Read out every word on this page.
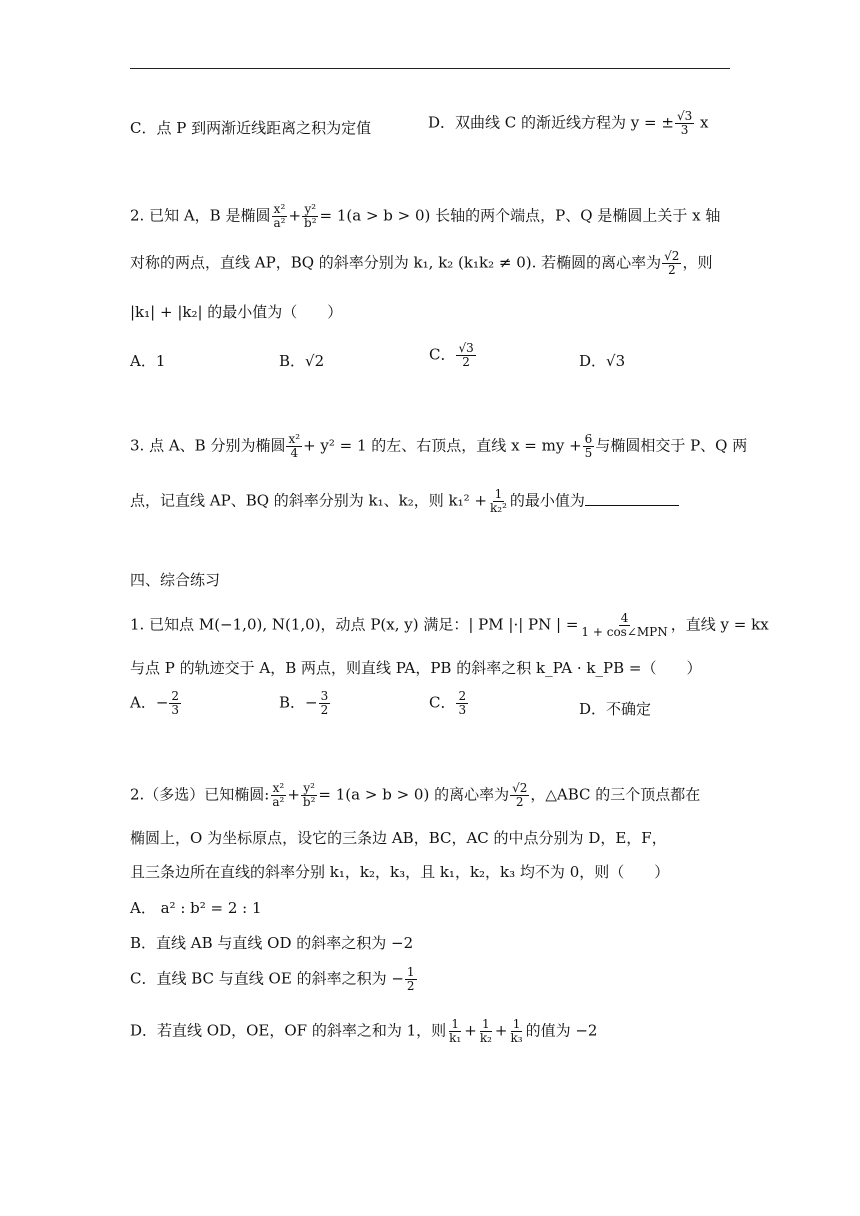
C．点 P 到两渐近线距离之积为定值	D．双曲线 C 的渐近线方程为 y = ± $\frac{√3}{3}$ x
2. 已知 A，B 是椭圆 $\frac{\text{x²}}{\text{a²}} + \frac{\text{y²}}{\text{b²}} = 1(a > b > 0)$ 长轴的两个端点，P、Q 是椭圆上关于 x 轴
对称的两点，直线 AP，BQ 的斜率分别为 k₁, k₂ (k₁k₂ ≠ 0). 若椭圆的离心率为 $\frac{√2}{2}$ ，则
|k₁| + |k₂| 的最小值为（　　）
A．1	B．√2	C． $\frac{√3}{2}$	D．√3
3. 点 A、B 分别为椭圆 $\frac{\text{x²}}{4} + y^2 = 1$ 的左、右顶点，直线 x = my + $\frac{6}{5}$ 与椭圆相交于 P、Q 两
点，记直线 AP、BQ 的斜率分别为 k₁、k₂，则 $k_1^2 + \frac{1}{\text{k₂²}}$ 的最小值为
四、综合练习
1. 已知点 M(−1,0), N(1,0)，动点 P(x, y) 满足：| PM |·| PN | = $\frac{4}{\text{1 + cos∠MPN}}$ ，直线 y = kx
与点 P 的轨迹交于 A，B 两点，则直线 PA，PB 的斜率之积 k_PA · k_PB =（　　）
A．− $\frac{2}{3}$	B．− $\frac{3}{2}$	C． $\frac{2}{3}$	D．不确定
2.（多选）已知椭圆: $\frac{\text{x²}}{\text{a²}} + \frac{\text{y²}}{\text{b²}} = 1(a > b > 0)$ 的离心率为 $\frac{√2}{2}$ ，△ABC 的三个顶点都在
椭圆上，O 为坐标原点，设它的三条边 AB，BC，AC 的中点分别为 D，E，F，
且三条边所在直线的斜率分别 k₁，k₂，k₃，且 k₁，k₂，k₃ 均不为 0，则（　　）
A． a² : b² = 2 : 1
B．直线 AB 与直线 OD 的斜率之积为 −2
C．直线 BC 与直线 OE 的斜率之积为 − $\frac{1}{2}$
D．若直线 OD，OE，OF 的斜率之和为 1，则 $\frac{1}{\text{k₁}} + \frac{1}{\text{k₂}} + \frac{1}{\text{k₃}}$ 的值为 −2
